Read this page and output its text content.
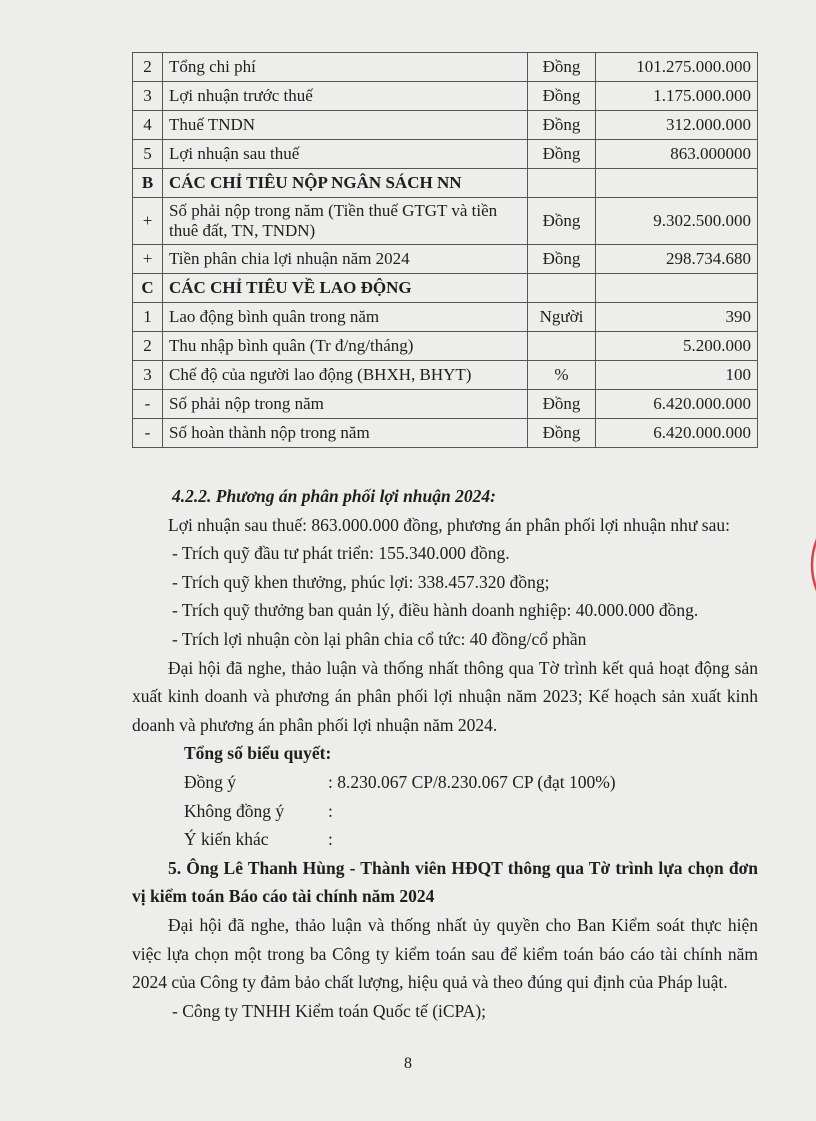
2	Tổng chi phí	Đồng	101.275.000.000
3	Lợi nhuận trước thuế	Đồng	1.175.000.000
4	Thuế TNDN	Đồng	312.000.000
5	Lợi nhuận sau thuế	Đồng	863.000000
B	CÁC CHỈ TIÊU NỘP NGÂN SÁCH NN		
+	Số phải nộp trong năm (Tiền thuế GTGT và tiền thuê đất, TN, TNDN)	Đồng	9.302.500.000
+	Tiền phân chia lợi nhuận năm 2024	Đồng	298.734.680
C	CÁC CHỈ TIÊU VỀ LAO ĐỘNG		
1	Lao động bình quân trong năm	Người	390
2	Thu nhập bình quân (Tr đ/ng/tháng)		5.200.000
3	Chế độ của người lao động (BHXH, BHYT)	%	100
-	Số phải nộp trong năm	Đồng	6.420.000.000
-	Số hoàn thành nộp trong năm	Đồng	6.420.000.000

4.2.2. Phương án phân phối lợi nhuận 2024:

Lợi nhuận sau thuế: 863.000.000 đồng, phương án phân phối lợi nhuận như sau:

- Trích quỹ đầu tư phát triển: 155.340.000 đồng.

- Trích quỹ khen thưởng, phúc lợi: 338.457.320 đồng;

- Trích quỹ thưởng ban quản lý, điều hành doanh nghiệp: 40.000.000 đồng.

- Trích lợi nhuận còn lại phân chia cổ tức: 40 đồng/cổ phần

Đại hội đã nghe, thảo luận và thống nhất thông qua Tờ trình kết quả hoạt động sản xuất kinh doanh và phương án phân phối lợi nhuận năm 2023; Kế hoạch sản xuất kinh doanh và phương án phân phối lợi nhuận năm 2024.

Tổng số biểu quyết:

Đồng ý	: 8.230.067 CP/8.230.067 CP (đạt 100%)
Không đồng ý	:
Ý kiến khác	:

5. Ông Lê Thanh Hùng - Thành viên HĐQT thông qua Tờ trình lựa chọn đơn vị kiểm toán Báo cáo tài chính năm 2024

Đại hội đã nghe, thảo luận và thống nhất ủy quyền cho Ban Kiểm soát thực hiện việc lựa chọn một trong ba Công ty kiểm toán sau để kiểm toán báo cáo tài chính năm 2024 của Công ty đảm bảo chất lượng, hiệu quả và theo đúng qui định của Pháp luật.

- Công ty TNHH Kiểm toán Quốc tế (iCPA);

8
